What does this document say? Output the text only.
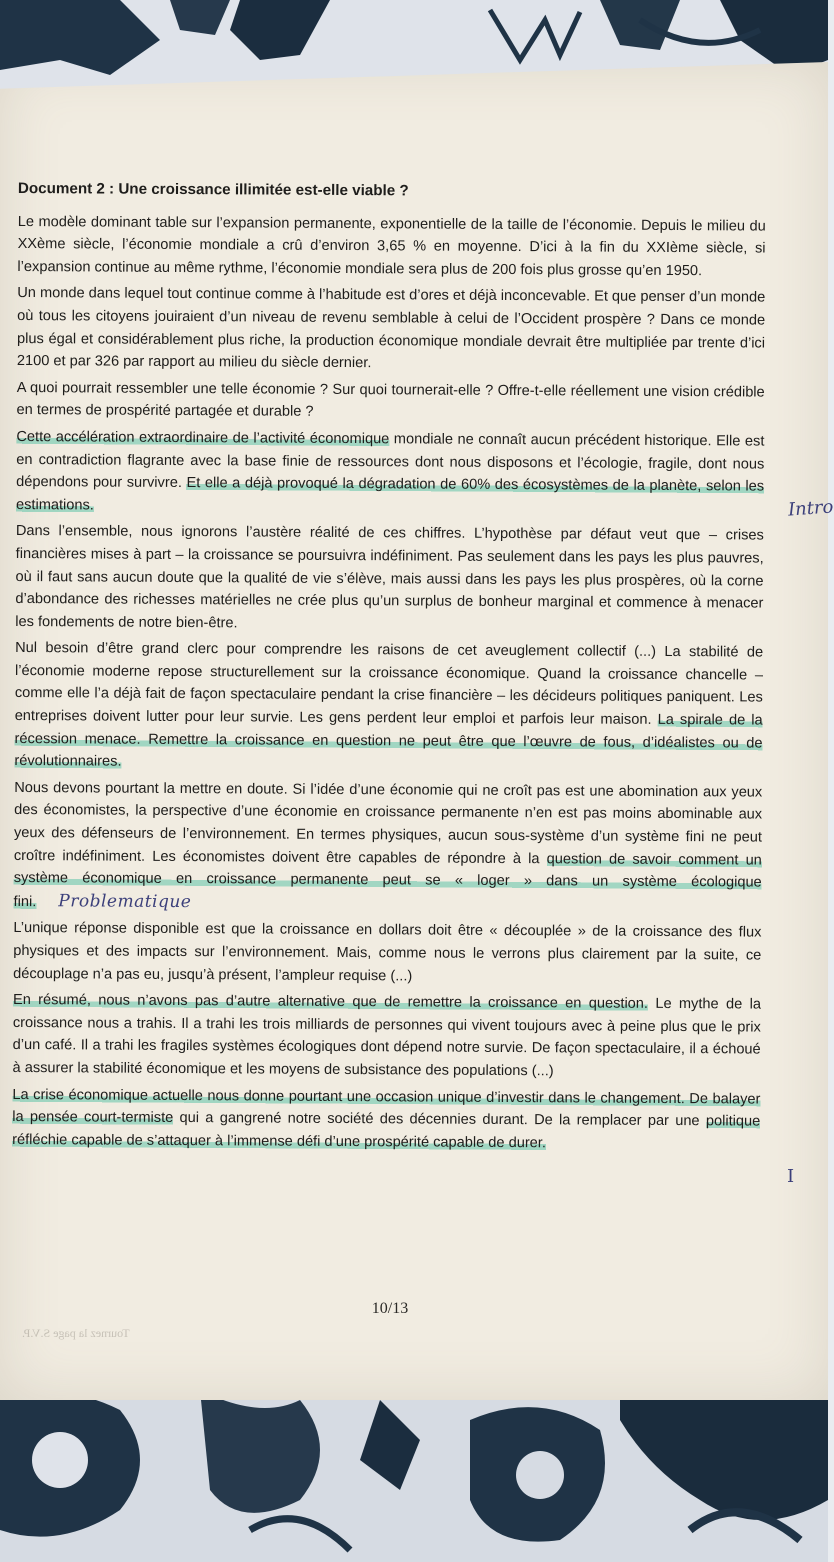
Document 2 : Une croissance illimitée est-elle viable ?

Le modèle dominant table sur l’expansion permanente, exponentielle de la taille de l’économie. Depuis le milieu du XXème siècle, l’économie mondiale a crû d’environ 3,65 % en moyenne. D’ici à la fin du XXIème siècle, si l’expansion continue au même rythme, l’économie mondiale sera plus de 200 fois plus grosse qu’en 1950.

Un monde dans lequel tout continue comme à l’habitude est d’ores et déjà inconcevable. Et que penser d’un monde où tous les citoyens jouiraient d’un niveau de revenu semblable à celui de l’Occident prospère ? Dans ce monde plus égal et considérablement plus riche, la production économique mondiale devrait être multipliée par trente d’ici 2100 et par 326 par rapport au milieu du siècle dernier.

A quoi pourrait ressembler une telle économie ? Sur quoi tournerait-elle ? Offre-t-elle réellement une vision crédible en termes de prospérité partagée et durable ?

Cette accélération extraordinaire de l’activité économique mondiale ne connaît aucun précédent historique. Elle est en contradiction flagrante avec la base finie de ressources dont nous disposons et l’écologie, fragile, dont nous dépendons pour survivre. Et elle a déjà provoqué la dégradation de 60% des écosystèmes de la planète, selon les estimations.

Dans l’ensemble, nous ignorons l’austère réalité de ces chiffres. L’hypothèse par défaut veut que – crises financières mises à part – la croissance se poursuivra indéfiniment. Pas seulement dans les pays les plus pauvres, où il faut sans aucun doute que la qualité de vie s’élève, mais aussi dans les pays les plus prospères, où la corne d’abondance des richesses matérielles ne crée plus qu’un surplus de bonheur marginal et commence à menacer les fondements de notre bien-être.

Nul besoin d’être grand clerc pour comprendre les raisons de cet aveuglement collectif (...) La stabilité de l’économie moderne repose structurellement sur la croissance économique. Quand la croissance chancelle – comme elle l’a déjà fait de façon spectaculaire pendant la crise financière – les décideurs politiques paniquent. Les entreprises doivent lutter pour leur survie. Les gens perdent leur emploi et parfois leur maison. La spirale de la récession menace. Remettre la croissance en question ne peut être que l’œuvre de fous, d’idéalistes ou de révolutionnaires.

Nous devons pourtant la mettre en doute. Si l’idée d’une économie qui ne croît pas est une abomination aux yeux des économistes, la perspective d’une économie en croissance permanente n’en est pas moins abominable aux yeux des défenseurs de l’environnement. En termes physiques, aucun sous-système d’un système fini ne peut croître indéfiniment. Les économistes doivent être capables de répondre à la question de savoir comment un système économique en croissance permanente peut se « loger » dans un système écologique fini. Problematique

L’unique réponse disponible est que la croissance en dollars doit être « découplée » de la croissance des flux physiques et des impacts sur l’environnement. Mais, comme nous le verrons plus clairement par la suite, ce découplage n’a pas eu, jusqu’à présent, l’ampleur requise (...)

En résumé, nous n’avons pas d’autre alternative que de remettre la croissance en question. Le mythe de la croissance nous a trahis. Il a trahi les trois milliards de personnes qui vivent toujours avec à peine plus que le prix d’un café. Il a trahi les fragiles systèmes écologiques dont dépend notre survie. De façon spectaculaire, il a échoué à assurer la stabilité économique et les moyens de subsistance des populations (...)

La crise économique actuelle nous donne pourtant une occasion unique d’investir dans le changement. De balayer la pensée court-termiste qui a gangrené notre société des décennies durant. De la remplacer par une politique réfléchie capable de s’attaquer à l’immense défi d’une prospérité capable de durer.

Intro
I
10/13
Tournez la page S.V.P.
